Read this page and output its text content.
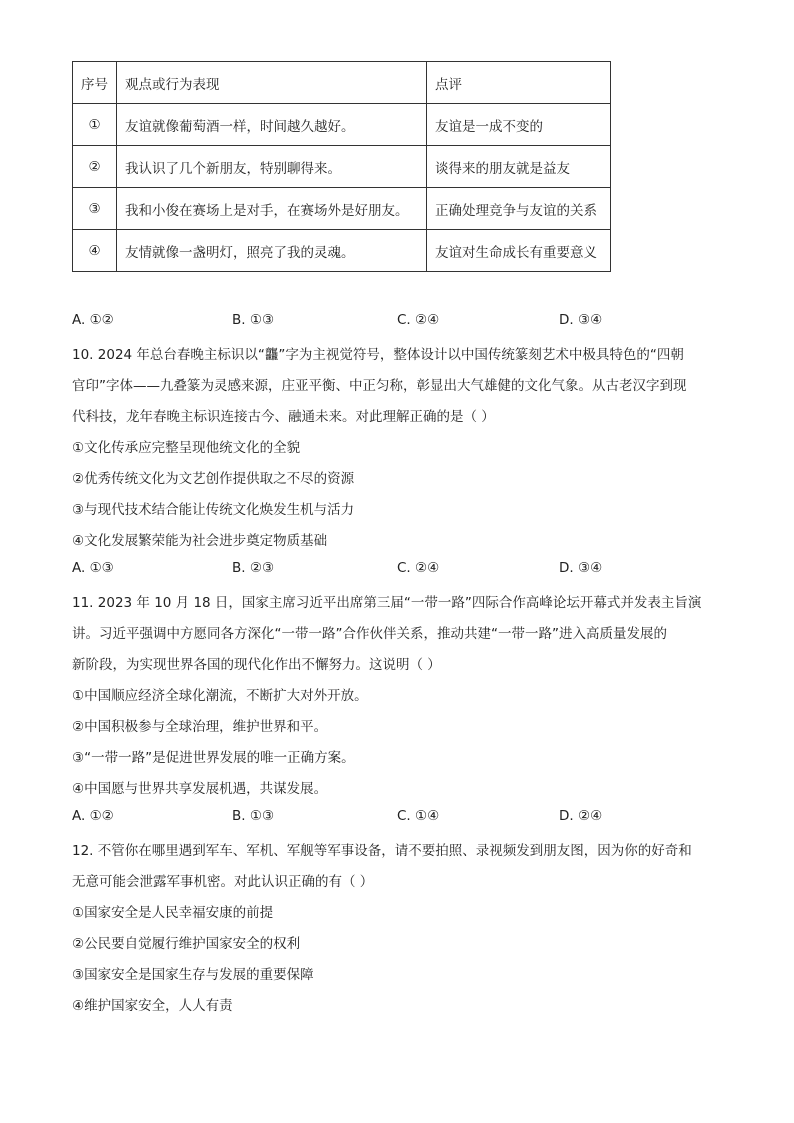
序号	观点或行为表现	点评
①	友谊就像葡萄酒一样，时间越久越好。	友谊是一成不变的
②	我认识了几个新朋友，特别聊得来。	谈得来的朋友就是益友
③	我和小俊在赛场上是对手，在赛场外是好朋友。	正确处理竞争与友谊的关系
④	友情就像一盏明灯，照亮了我的灵魂。	友谊对生命成长有重要意义
A. ①②	B. ①③	C. ②④	D. ③④
10. 2024 年总台春晚主标识以“龘”字为主视觉符号，整体设计以中国传统篆刻艺术中极具特色的“四朝
官印”字体——九叠篆为灵感来源，庄亚平衡、中正匀称，彰显出大气雄健的文化气象。从古老汉字到现
代科技，龙年春晚主标识连接古今、融通未来。对此理解正确的是（ ）
①文化传承应完整呈现他统文化的全貌
②优秀传统文化为文艺创作提供取之不尽的资源
③与现代技术结合能让传统文化焕发生机与活力
④文化发展繁荣能为社会进步奠定物质基础
A. ①③	B. ②③	C. ②④	D. ③④
11. 2023 年 10 月 18 日，国家主席习近平出席第三届“一带一路”四际合作高峰论坛开幕式并发表主旨演
讲。习近平强调中方愿同各方深化“一带一路”合作伙伴关系，推动共建“一带一路”进入高质量发展的
新阶段，为实现世界各国的现代化作出不懈努力。这说明（ ）
①中国顺应经济全球化潮流，不断扩大对外开放。
②中国积极参与全球治理，维护世界和平。
③“一带一路”是促进世界发展的唯一正确方案。
④中国愿与世界共享发展机遇，共谋发展。
A. ①②	B. ①③	C. ①④	D. ②④
12. 不管你在哪里遇到军车、军机、军舰等军事设备，请不要拍照、录视频发到朋友图，因为你的好奇和
无意可能会泄露军事机密。对此认识正确的有（ ）
①国家安全是人民幸福安康的前提
②公民要自觉履行维护国家安全的权利
③国家安全是国家生存与发展的重要保障
④维护国家安全，人人有责
